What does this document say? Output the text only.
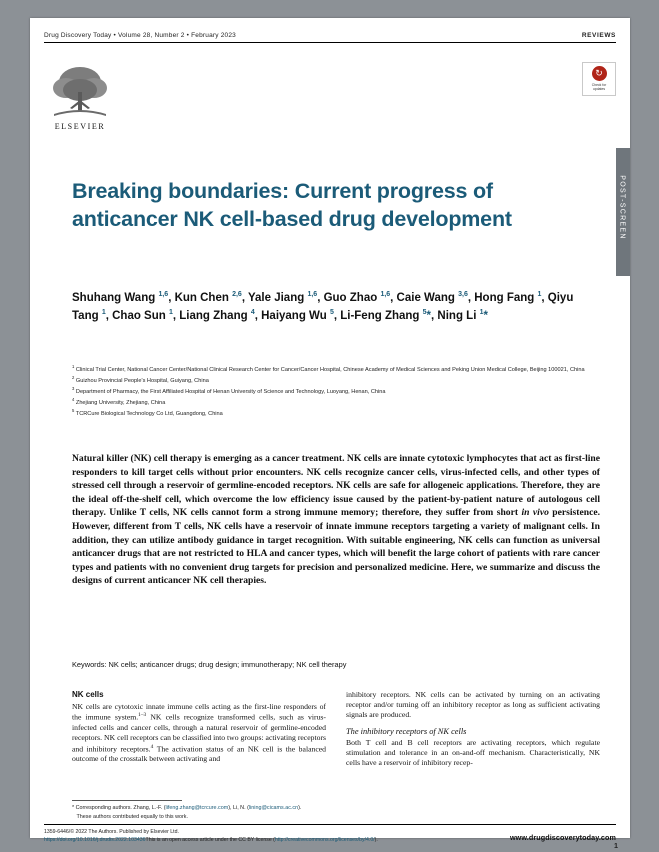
Drug Discovery Today • Volume 28, Number 2 • February 2023	REVIEWS
ELSEVIER
↻
Check for
updates
POST-SCREEN
Breaking boundaries: Current progress of anticancer NK cell-based drug development
Shuhang Wang $^{1,6}$, Kun Chen $^{2,6}$, Yale Jiang $^{1,6}$, Guo Zhao $^{1,6}$, Caie Wang $^{3,6}$, Hong Fang $^1$, Qiyu Tang $^1$, Chao Sun $^1$, Liang Zhang $^4$, Haiyang Wu $^5$, Li-Feng Zhang $^5$*, Ning Li $^1$*
$^1$ Clinical Trial Center, National Cancer Center/National Clinical Research Center for Cancer/Cancer Hospital, Chinese Academy of Medical Sciences and Peking Union Medical College, Beijing 100021, China
$^2$ Guizhou Provincial People's Hospital, Guiyang, China
$^3$ Department of Pharmacy, the First Affiliated Hospital of Henan University of Science and Technology, Luoyang, Henan, China
$^4$ Zhejiang University, Zhejiang, China
$^5$ TCRCure Biological Technology Co Ltd, Guangdong, China
Natural killer (NK) cell therapy is emerging as a cancer treatment. NK cells are innate cytotoxic lymphocytes that act as first-line responders to kill target cells without prior encounters. NK cells recognize cancer cells, virus-infected cells, and other types of stressed cell through a reservoir of germline-encoded receptors. NK cells are safe for allogeneic applications. Therefore, they are the ideal off-the-shelf cell, which overcome the low efficiency issue caused by the patient-by-patient nature of autologous cell therapy. Unlike T cells, NK cells cannot form a strong immune memory; therefore, they suffer from short in vivo persistence. However, different from T cells, NK cells have a reservoir of innate immune receptors targeting a variety of malignant cells. In addition, they can utilize antibody guidance in target recognition. With suitable engineering, NK cells can function as universal anticancer drugs that are not restricted to HLA and cancer types, which will benefit the large cohort of patients with rare cancer types and patients with no convenient drug targets for precision and personalized medicine. Here, we summarize and discuss the designs of current anticancer NK cell therapies.
Keywords: NK cells; anticancer drugs; drug design; immunotherapy; NK cell therapy
NK cells

NK cells are cytotoxic innate immune cells acting as the first-line responders of the immune system.$^{1-3}$ NK cells recognize transformed cells, such as virus-infected cells and cancer cells, through a natural reservoir of germline-encoded receptors. NK cell receptors can be classified into two groups: activating receptors and inhibitory receptors.$^4$ The activation status of an NK cell is the balanced outcome of the crosstalk between activating and

inhibitory receptors. NK cells can be activated by turning on an activating receptor and/or turning off an inhibitory receptor as long as sufficient activating signals are produced.

The inhibitory receptors of NK cells

Both T cell and B cell receptors are activating receptors, which regulate stimulation and tolerance in an on-and-off mechanism. Characteristically, NK cells have a reservoir of inhibitory recep-

* Corresponding authors. Zhang, L.-F. (lifeng.zhang@tcrcure.com), Li, N. (lining@cicams.ac.cn).
These authors contributed equally to this work.
1359-6446/© 2022 The Authors. Published by Elsevier Ltd.
www.drugdiscoverytoday.com
https://doi.org/10.1016/j.drudis.2022.103436This is an open access article under the CC BY license (http://creativecommons.org/licenses/by/4.0/).
1
